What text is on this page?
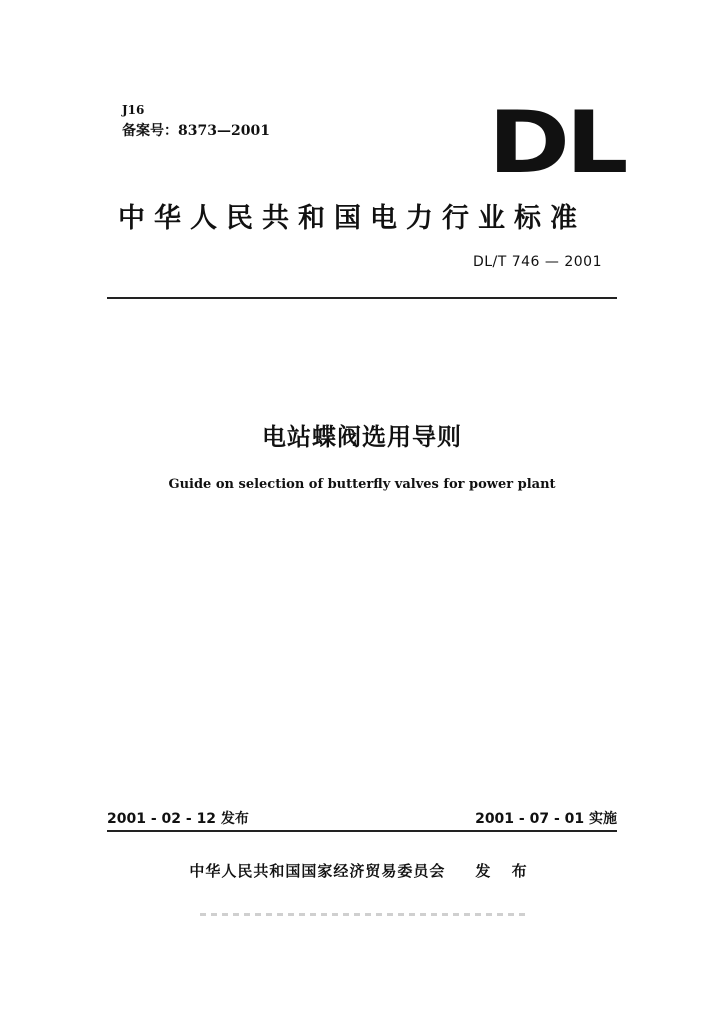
J16
备案号：8373—2001	DL
中华人民共和国电力行业标准
DL/T 746 — 2001
电站蝶阀选用导则
Guide on selection of butterfly valves for power plant
2001 - 02 - 12 发布	2001 - 07 - 01 实施
中华人民共和国国家经济贸易委员会 发 布
